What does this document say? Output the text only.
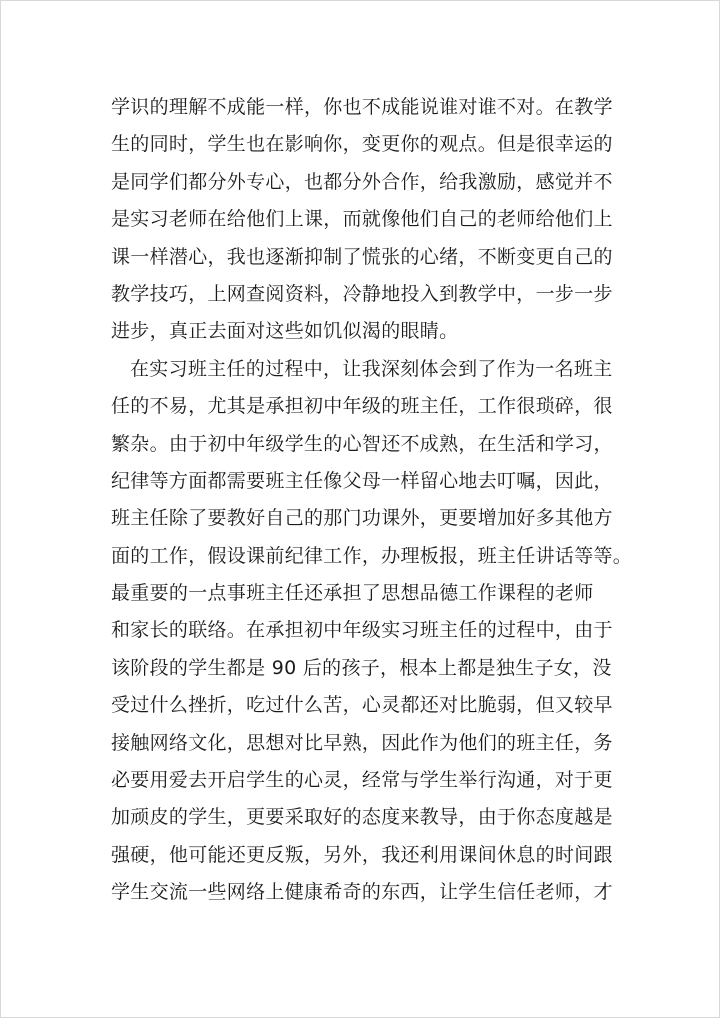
学识的理解不成能一样，你也不成能说谁对谁不对。在教学
生的同时，学生也在影响你，变更你的观点。但是很幸运的
是同学们都分外专心，也都分外合作，给我激励，感觉并不
是实习老师在给他们上课，而就像他们自己的老师给他们上
课一样潜心，我也逐渐抑制了慌张的心绪，不断变更自己的
教学技巧，上网查阅资料，冷静地投入到教学中，一步一步
进步，真正去面对这些如饥似渴的眼睛。
在实习班主任的过程中，让我深刻体会到了作为一名班主
任的不易，尤其是承担初中年级的班主任，工作很琐碎，很
繁杂。由于初中年级学生的心智还不成熟，在生活和学习，
纪律等方面都需要班主任像父母一样留心地去叮嘱，因此，
班主任除了要教好自己的那门功课外，更要增加好多其他方
面的工作，假设课前纪律工作，办理板报，班主任讲话等等。
最重要的一点事班主任还承担了思想品德工作课程的老师
和家长的联络。在承担初中年级实习班主任的过程中，由于
该阶段的学生都是 90 后的孩子，根本上都是独生子女，没
受过什么挫折，吃过什么苦，心灵都还对比脆弱，但又较早
接触网络文化，思想对比早熟，因此作为他们的班主任，务
必要用爱去开启学生的心灵，经常与学生举行沟通，对于更
加顽皮的学生，更要采取好的态度来教导，由于你态度越是
强硬，他可能还更反叛，另外，我还利用课间休息的时间跟
学生交流一些网络上健康希奇的东西，让学生信任老师，才
